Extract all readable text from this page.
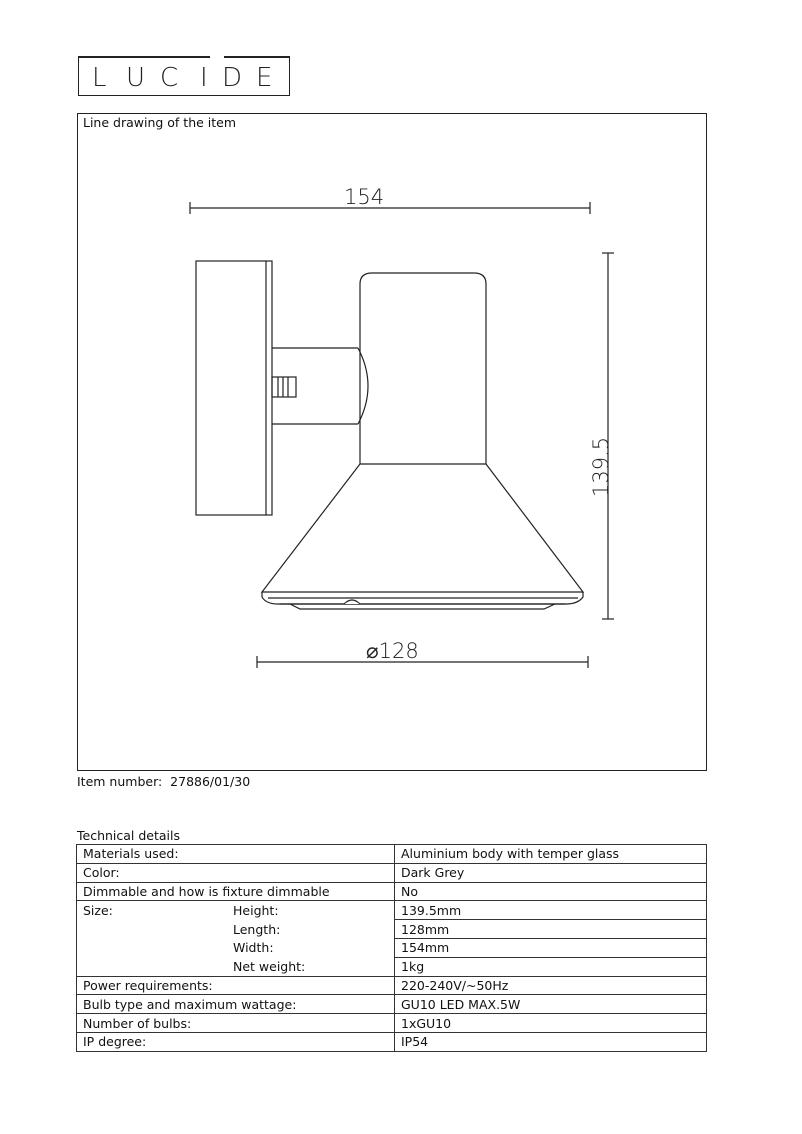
L U C I D E
Line drawing of the item
154
139.5
⌀128
Item number: 27886/01/30
Technical details
Materials used:	Aluminium body with temper glass
Color:	Dark Grey
Dimmable and how is fixture dimmable	No
Size: Height:	139.5mm
Length:	128mm
Width:	154mm
Net weight:	1kg
Power requirements:	220-240V/~50Hz
Bulb type and maximum wattage:	GU10 LED MAX.5W
Number of bulbs:	1xGU10
IP degree:	IP54
